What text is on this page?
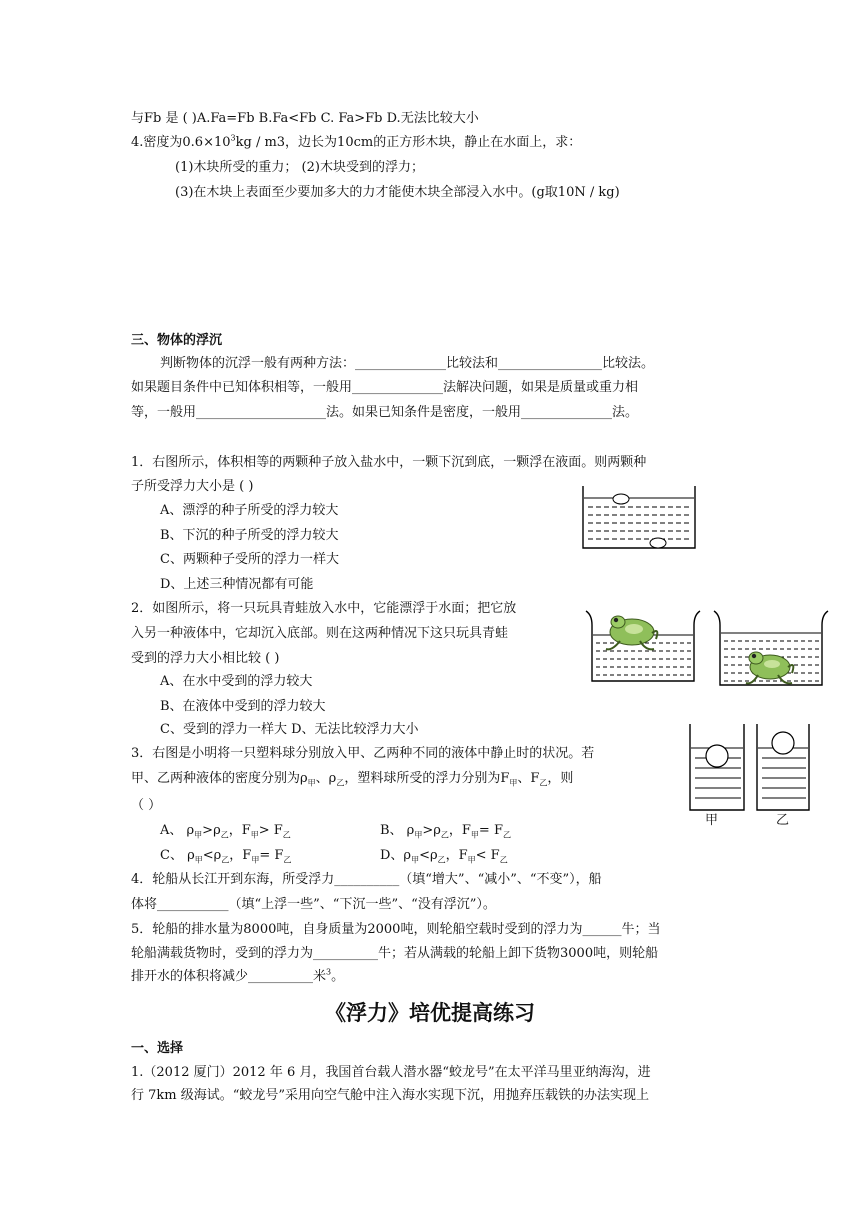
与Fb 是 ( )A.Fa=Fb B.Fa<Fb C. Fa>Fb D.无法比较大小
4.密度为$0.6\times 10^3kg / m3$，边长为10cm的正方形木块，静止在水面上，求：
(1)木块所受的重力； (2)木块受到的浮力；
(3)在木块上表面至少要加多大的力才能使木块全部浸入水中。(g取10N / kg)
三、物体的浮沉
判断物体的沉浮一般有两种方法：______________比较法和________________比较法。
如果题目条件中已知体积相等，一般用______________法解决问题，如果是质量或重力相
等，一般用____________________法。如果已知条件是密度，一般用______________法。
1．右图所示，体积相等的两颗种子放入盐水中，一颗下沉到底，一颗浮在液面。则两颗种
子所受浮力大小是 ( )
A、漂浮的种子所受的浮力较大
B、下沉的种子所受的浮力较大
C、两颗种子受所的浮力一样大
D、上述三种情况都有可能
2．如图所示，将一只玩具青蛙放入水中，它能漂浮于水面；把它放
入另一种液体中，它却沉入底部。则在这两种情况下这只玩具青蛙
受到的浮力大小相比较 ( )
A、在水中受到的浮力较大
B、在液体中受到的浮力较大
C、受到的浮力一样大 D、无法比较浮力大小
3．右图是小明将一只塑料球分别放入甲、乙两种不同的液体中静止时的状况。若
甲、乙两种液体的密度分别为$\rho_甲$、$\rho_乙$，塑料球所受的浮力分别为$F_甲$、$F_乙$，则
（ ）
A、 $\rho_甲>\rho_乙$，$F_甲> F_乙$	B、 $\rho_甲>\rho_乙$，$F_甲= F_乙$
C、 $\rho_甲<\rho_乙$，$F_甲= F_乙$	D、$\rho_甲<\rho_乙$，$F_甲< F_乙$
甲	乙
4．轮船从长江开到东海，所受浮力__________（填“增大”、“减小”、“不变”），船
体将___________（填“上浮一些”、“下沉一些”、“没有浮沉”）。
5．轮船的排水量为8000吨，自身质量为2000吨，则轮船空载时受到的浮力为______牛；当
轮船满载货物时，受到的浮力为__________牛；若从满载的轮船上卸下货物3000吨，则轮船
排开水的体积将减少__________米$^3$。
《浮力》培优提高练习
一、选择
1.（2012 厦门）2012 年 6 月，我国首台载人潜水器“蛟龙号”在太平洋马里亚纳海沟，进
行 7km 级海试。“蛟龙号”采用向空气舱中注入海水实现下沉，用抛弃压载铁的办法实现上
